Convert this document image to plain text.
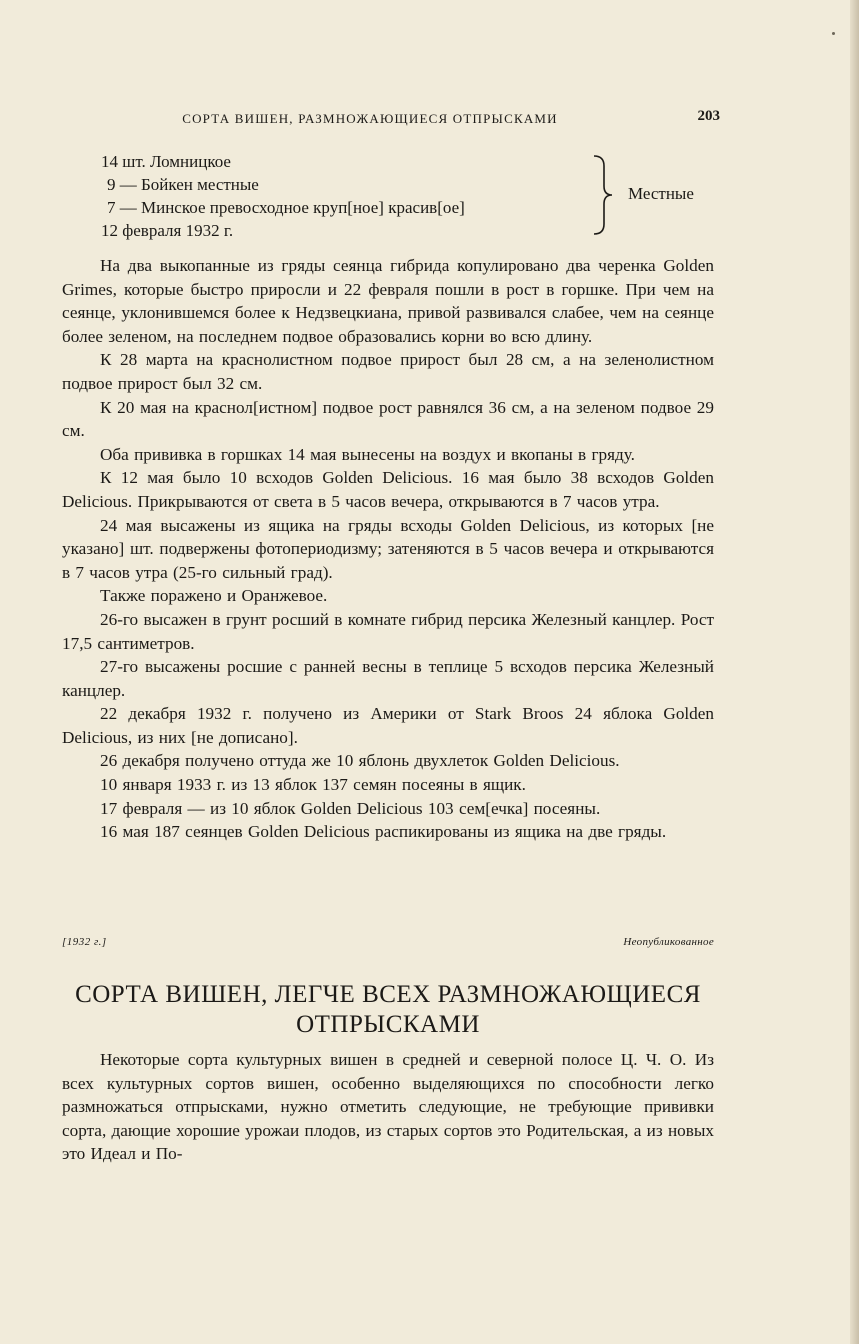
СОРТА ВИШЕН, РАЗМНОЖАЮЩИЕСЯ ОТПРЫСКАМИ	203
14 шт. Ломницкое
9 — Бойкен местные
7 — Минское превосходное круп[ное] красив[ое]
12 февраля 1932 г.
Местные

На два выкопанные из гряды сеянца гибрида копулировано два черенка Golden Grimes, которые быстро приросли и 22 февраля пошли в рост в горшке. При чем на сеянце, уклонившемся более к Недзвецкиана, привой развивался слабее, чем на сеянце более зеленом, на последнем подвое образовались корни во всю длину.

К 28 марта на краснолистном подвое прирост был 28 см, а на зеленолистном подвое прирост был 32 см.

К 20 мая на краснол[истном] подвое рост равнялся 36 см, а на зеленом подвое 29 см.

Оба прививка в горшках 14 мая вынесены на воздух и вкопаны в гряду.

К 12 мая было 10 всходов Golden Delicious. 16 мая было 38 всходов Golden Delicious. Прикрываются от света в 5 часов вечера, открываются в 7 часов утра.

24 мая высажены из ящика на гряды всходы Golden Delicious, из которых [не указано] шт. подвержены фотопериодизму; затеняются в 5 часов вечера и открываются в 7 часов утра (25-го сильный град).

Также поражено и Оранжевое.

26-го высажен в грунт росший в комнате гибрид персика Железный канцлер. Рост 17,5 сантиметров.

27-го высажены росшие с ранней весны в теплице 5 всходов персика Железный канцлер.

22 декабря 1932 г. получено из Америки от Stark Broos 24 яблока Golden Delicious, из них [не дописано].

26 декабря получено оттуда же 10 яблонь двухлеток Golden Delicious.

10 января 1933 г. из 13 яблок 137 семян посеяны в ящик.

17 февраля — из 10 яблок Golden Delicious 103 сем[ечка] посеяны.

16 мая 187 сеянцев Golden Delicious распикированы из ящика на две гряды.

[1932 г.]	Неопубликованное
СОРТА ВИШЕН, ЛЕГЧЕ ВСЕХ РАЗМНОЖАЮЩИЕСЯ
ОТПРЫСКАМИ

Некоторые сорта культурных вишен в средней и северной полосе Ц. Ч. О. Из всех культурных сортов вишен, особенно выделяющихся по способности легко размножаться отпрысками, нужно отметить следующие, не требующие прививки сорта, дающие хорошие урожаи плодов, из старых сортов это Родительская, а из новых это Идеал и По-
